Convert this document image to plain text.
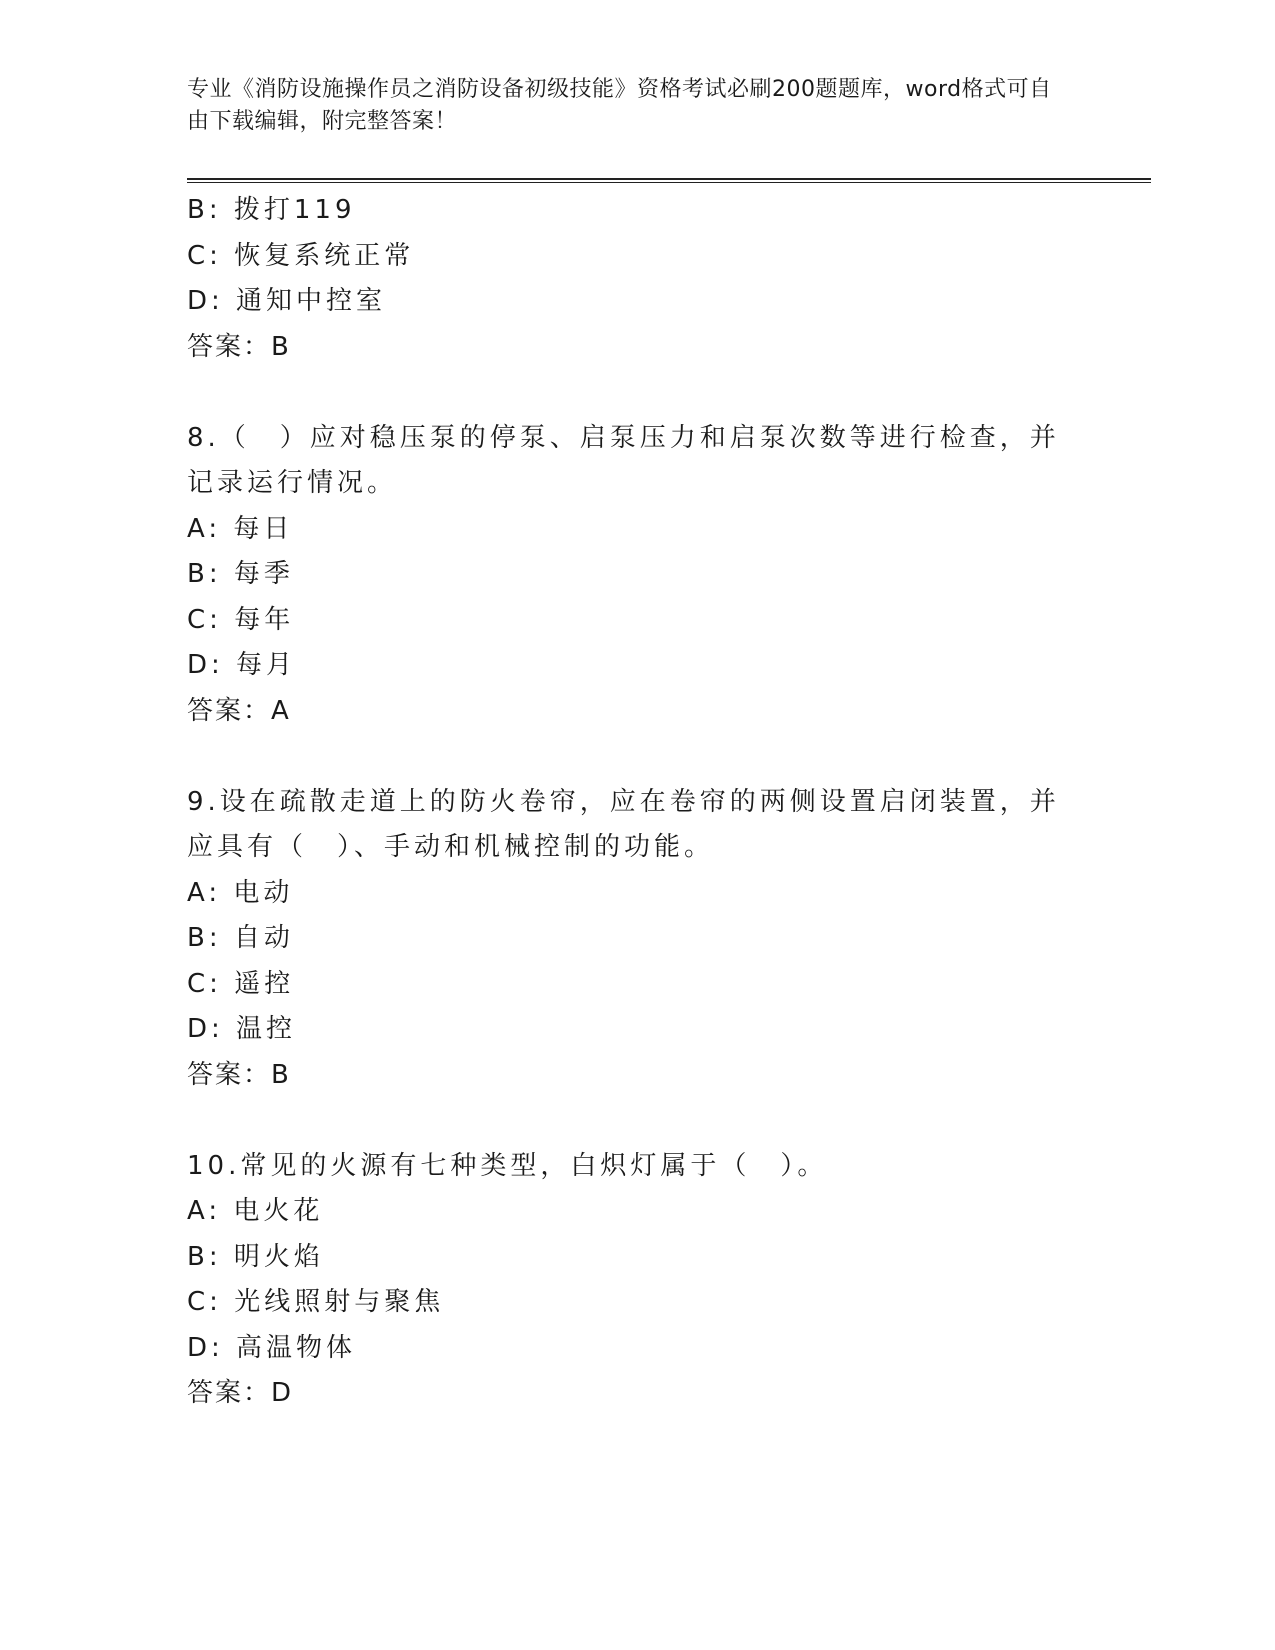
专业《消防设施操作员之消防设备初级技能》资格考试必刷200题题库，word格式可自由下载编辑，附完整答案！
B: 拨打119
C: 恢复系统正常
D: 通知中控室
答案：B
8.（　）应对稳压泵的停泵、启泵压力和启泵次数等进行检查，并记录运行情况。
A: 每日
B: 每季
C: 每年
D: 每月
答案：A
9.设在疏散走道上的防火卷帘，应在卷帘的两侧设置启闭装置，并应具有（　）、手动和机械控制的功能。
A: 电动
B: 自动
C: 遥控
D: 温控
答案：B
10.常见的火源有七种类型，白炽灯属于（　）。
A: 电火花
B: 明火焰
C: 光线照射与聚焦
D: 高温物体
答案：D
